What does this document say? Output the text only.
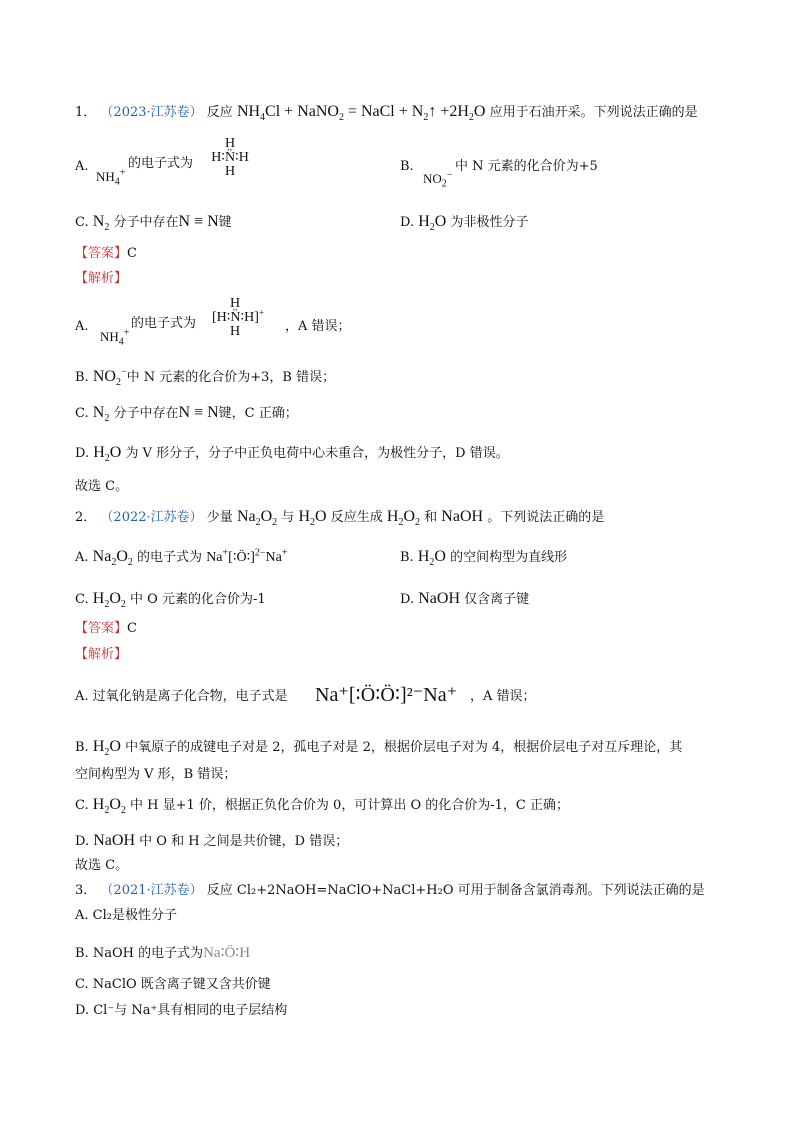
1． （2023·江苏卷） 反应 $NH_4Cl$ + NaNO$_2$ = NaCl + $N_2↑ +2H_2O$ 应用于石油开采。下列说法正确的是
A.
$NH_4^+$
的电子式为
H
H∶N̈∶H
H	B.
$NO_2^-$
中 N 元素的化合价为+5
C. $N_2$ 分子中存在N ≡ N键	D. $H_2O$ 为非极性分子
【答案】C
【解析】
A.
$NH_4^+$
的电子式为
H
[H∶N̈∶H]+
H	，A 错误；
B. $NO_2^-$中 N 元素的化合价为+3，B 错误；
C. $N_2$ 分子中存在N ≡ N键，C 正确；
D. $H_2O$ 为 V 形分子，分子中正负电荷中心未重合，为极性分子，D 错误。
故选 C。
2． （2022·江苏卷） 少量 $Na_2O_2$ 与 $H_2O$ 反应生成 $H_2O_2$ 和 NaOH 。下列说法正确的是
A. $Na_2O_2$ 的电子式为 Na+[∶Ö∶]$^{2-}$Na+	B. $H_2O$ 的空间构型为直线形
C. $H_2O_2$ 中 O 元素的化合价为-1	D. NaOH 仅含离子键
【答案】C
【解析】
A. 过氧化钠是离子化合物，电子式是 Na⁺[∶Ö∶Ö∶]²⁻Na⁺ ，A 错误；
B. $H_2O$ 中氧原子的成键电子对是 2，孤电子对是 2，根据价层电子对为 4，根据价层电子对互斥理论，其
空间构型为 V 形，B 错误；
C. $H_2O_2$ 中 H 显+1 价，根据正负化合价为 0，可计算出 O 的化合价为-1，C 正确；
D. NaOH 中 O 和 H 之间是共价键，D 错误；
故选 C。
3． （2021·江苏卷） 反应 Cl₂+2NaOH=NaClO+NaCl+H₂O 可用于制备含氯消毒剂。下列说法正确的是
A. Cl₂是极性分子
B. NaOH 的电子式为Na∶Ö∶H
C. NaClO 既含离子键又含共价键
D. Cl⁻与 Na⁺具有相同的电子层结构
